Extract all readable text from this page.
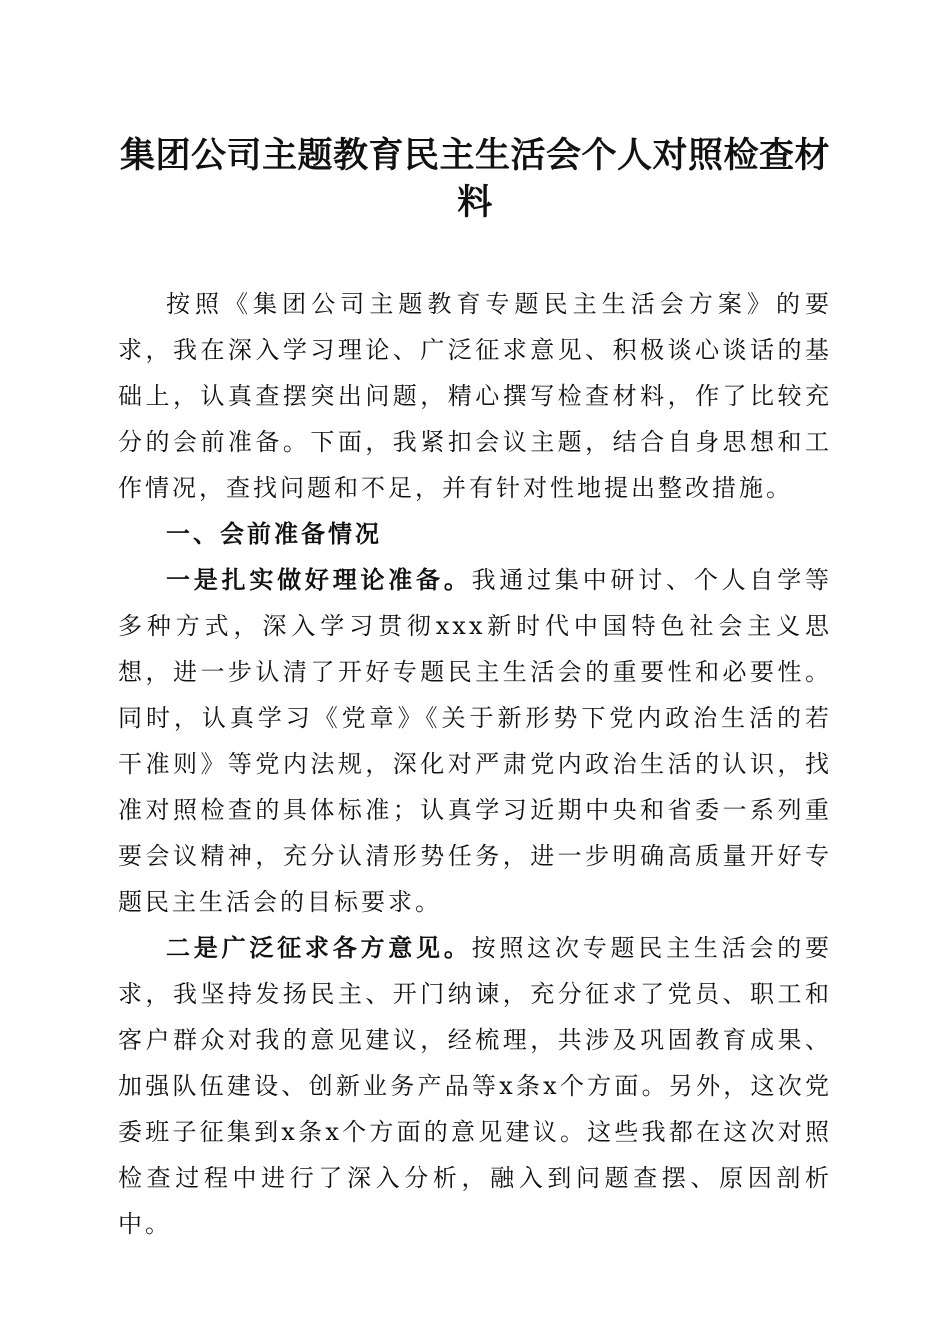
集团公司主题教育民主生活会个人对照检查材料

按照《集团公司主题教育专题民主生活会方案》的要求，我在深入学习理论、广泛征求意见、积极谈心谈话的基础上，认真查摆突出问题，精心撰写检查材料，作了比较充分的会前准备。下面，我紧扣会议主题，结合自身思想和工作情况，查找问题和不足，并有针对性地提出整改措施。

一、会前准备情况

一是扎实做好理论准备。我通过集中研讨、个人自学等多种方式，深入学习贯彻xxx新时代中国特色社会主义思想，进一步认清了开好专题民主生活会的重要性和必要性。同时，认真学习《党章》《关于新形势下党内政治生活的若干准则》等党内法规，深化对严肃党内政治生活的认识，找准对照检查的具体标准；认真学习近期中央和省委一系列重要会议精神，充分认清形势任务，进一步明确高质量开好专题民主生活会的目标要求。

二是广泛征求各方意见。按照这次专题民主生活会的要求，我坚持发扬民主、开门纳谏，充分征求了党员、职工和客户群众对我的意见建议，经梳理，共涉及巩固教育成果、加强队伍建设、创新业务产品等x条x个方面。另外，这次党委班子征集到x条x个方面的意见建议。这些我都在这次对照检查过程中进行了深入分析，融入到问题查摆、原因剖析中。
